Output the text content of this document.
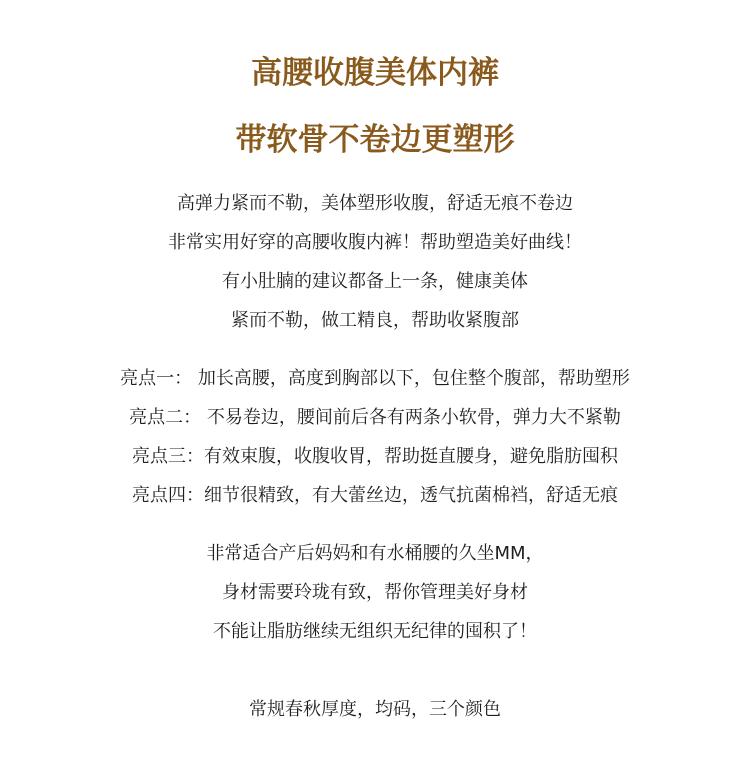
高腰收腹美体内裤
带软骨不卷边更塑形
高弹力紧而不勒，美体塑形收腹，舒适无痕不卷边
非常实用好穿的高腰收腹内裤！帮助塑造美好曲线！
有小肚腩的建议都备上一条，健康美体
紧而不勒，做工精良，帮助收紧腹部
亮点一： 加长高腰，高度到胸部以下，包住整个腹部，帮助塑形
亮点二： 不易卷边，腰间前后各有两条小软骨，弹力大不紧勒
亮点三：有效束腹，收腹收胃，帮助挺直腰身，避免脂肪囤积
亮点四：细节很精致，有大蕾丝边，透气抗菌棉裆，舒适无痕
非常适合产后妈妈和有水桶腰的久坐MM，
身材需要玲珑有致，帮你管理美好身材
不能让脂肪继续无组织无纪律的囤积了！
常规春秋厚度，均码，三个颜色
